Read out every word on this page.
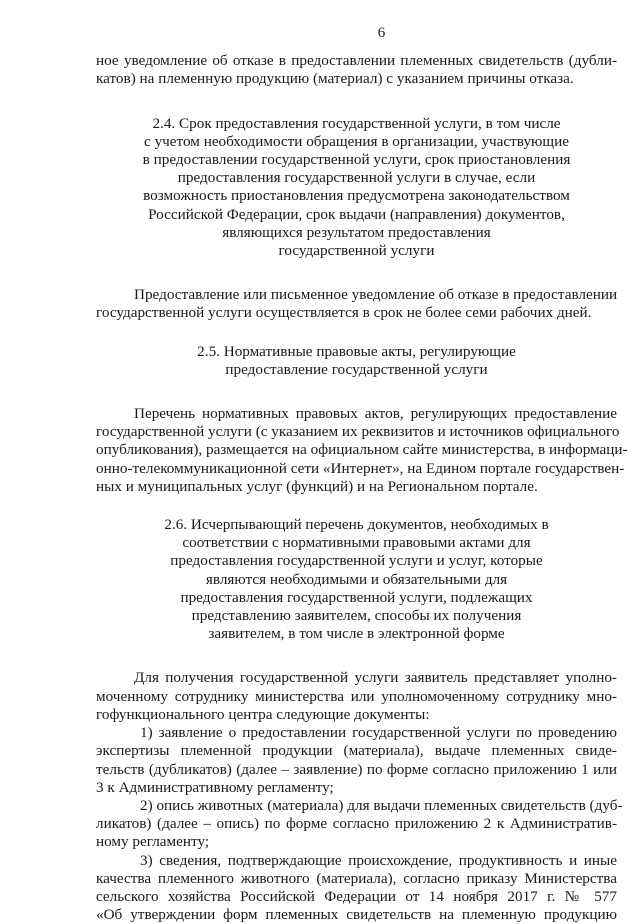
6
ное уведомление об отказе в предоставлении племенных свидетельств (дубли-
катов) на племенную продукцию (материал) с указанием причины отказа.
2.4. Срок предоставления государственной услуги, в том числе
с учетом необходимости обращения в организации, участвующие
в предоставлении государственной услуги, срок приостановления
предоставления государственной услуги в случае, если
возможность приостановления предусмотрена законодательством
Российской Федерации, срок выдачи (направления) документов,
являющихся результатом предоставления
государственной услуги
Предоставление или письменное уведомление об отказе в предоставлении
государственной услуги осуществляется в срок не более семи рабочих дней.
2.5. Нормативные правовые акты, регулирующие
предоставление государственной услуги
Перечень нормативных правовых актов, регулирующих предоставление
государственной услуги (с указанием их реквизитов и источников официального
опубликования), размещается на официальном сайте министерства, в информаци-
онно-телекоммуникационной сети «Интернет», на Едином портале государствен-
ных и муниципальных услуг (функций) и на Региональном портале.
2.6. Исчерпывающий перечень документов, необходимых в
соответствии с нормативными правовыми актами для
предоставления государственной услуги и услуг, которые
являются необходимыми и обязательными для
предоставления государственной услуги, подлежащих
представлению заявителем, способы их получения
заявителем, в том числе в электронной форме
Для получения государственной услуги заявитель представляет уполно-
моченному сотруднику министерства или уполномоченному сотруднику мно-
гофункционального центра следующие документы:
1) заявление о предоставлении государственной услуги по проведению
экспертизы племенной продукции (материала), выдаче племенных свиде-
тельств (дубликатов) (далее – заявление) по форме согласно приложению 1 или
3 к Административному регламенту;
2) опись животных (материала) для выдачи племенных свидетельств (дуб-
ликатов) (далее – опись) по форме согласно приложению 2 к Административ-
ному регламенту;
3) сведения, подтверждающие происхождение, продуктивность и иные
качества племенного животного (материала), согласно приказу Министерства
сельского хозяйства Российской Федерации от 14 ноября 2017 г. № 577
«Об утверждении форм племенных свидетельств на племенную продукцию
